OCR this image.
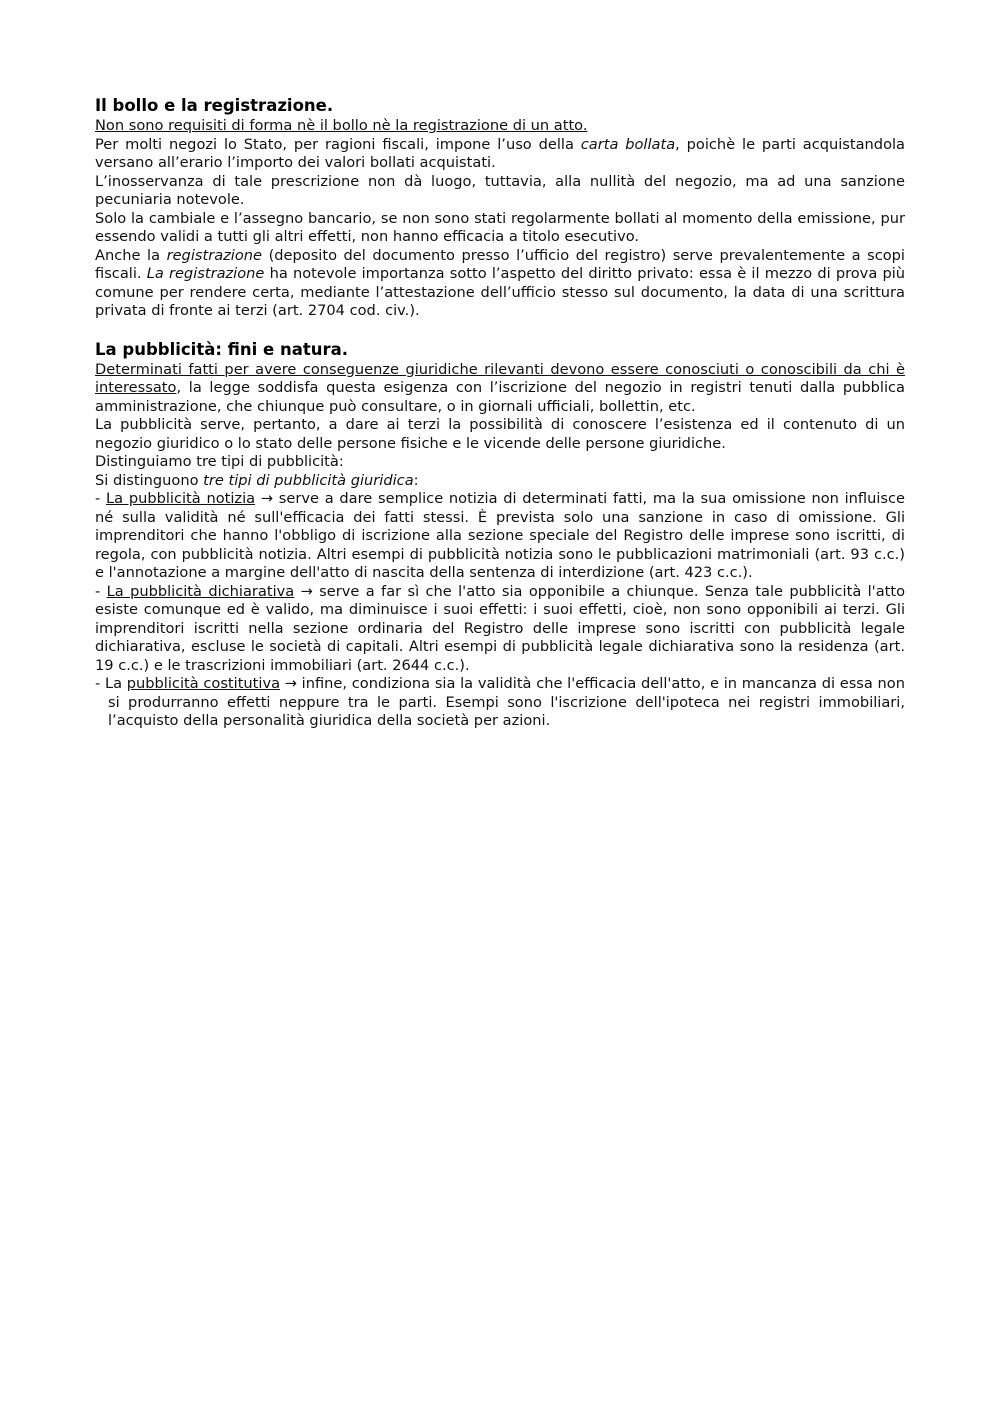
Il bollo e la registrazione.

Non sono requisiti di forma nè il bollo nè la registrazione di un atto.

Per molti negozi lo Stato, per ragioni fiscali, impone l’uso della carta bollata, poichè le parti acquistandola versano all’erario l’importo dei valori bollati acquistati.

L’inosservanza di tale prescrizione non dà luogo, tuttavia, alla nullità del negozio, ma ad una sanzione pecuniaria notevole.

Solo la cambiale e l’assegno bancario, se non sono stati regolarmente bollati al momento della emissione, pur essendo validi a tutti gli altri effetti, non hanno efficacia a titolo esecutivo.

Anche la registrazione (deposito del documento presso l’ufficio del registro) serve prevalentemente a scopi fiscali. La registrazione ha notevole importanza sotto l’aspetto del diritto privato: essa è il mezzo di prova più comune per rendere certa, mediante l’attestazione dell’ufficio stesso sul documento, la data di una scrittura privata di fronte ai terzi (art. 2704 cod. civ.).

La pubblicità: fini e natura.

Determinati fatti per avere conseguenze giuridiche rilevanti devono essere conosciuti o conoscibili da chi è interessato, la legge soddisfa questa esigenza con l’iscrizione del negozio in registri tenuti dalla pubblica amministrazione, che chiunque può consultare, o in giornali ufficiali, bollettin, etc.

La pubblicità serve, pertanto, a dare ai terzi la possibilità di conoscere l’esistenza ed il contenuto di un negozio giuridico o lo stato delle persone fisiche e le vicende delle persone giuridiche.

Distinguiamo tre tipi di pubblicità:

Si distinguono tre tipi di pubblicità giuridica:

- La pubblicità notizia → serve a dare semplice notizia di determinati fatti, ma la sua omissione non influisce né sulla validità né sull'efficacia dei fatti stessi. È prevista solo una sanzione in caso di omissione. Gli imprenditori che hanno l'obbligo di iscrizione alla sezione speciale del Registro delle imprese sono iscritti, di regola, con pubblicità notizia. Altri esempi di pubblicità notizia sono le pubblicazioni matrimoniali (art. 93 c.c.) e l'annotazione a margine dell'atto di nascita della sentenza di interdizione (art. 423 c.c.).

- La pubblicità dichiarativa → serve a far sì che l'atto sia opponibile a chiunque. Senza tale pubblicità l'atto esiste comunque ed è valido, ma diminuisce i suoi effetti: i suoi effetti, cioè, non sono opponibili ai terzi. Gli imprenditori iscritti nella sezione ordinaria del Registro delle imprese sono iscritti con pubblicità legale dichiarativa, escluse le società di capitali. Altri esempi di pubblicità legale dichiarativa sono la residenza (art. 19 c.c.) e le trascrizioni immobiliari (art. 2644 c.c.).

- La pubblicità costitutiva → infine, condiziona sia la validità che l'efficacia dell'atto, e in mancanza di essa non si produrranno effetti neppure tra le parti. Esempi sono l'iscrizione dell'ipoteca nei registri immobiliari, l’acquisto della personalità giuridica della società per azioni.
